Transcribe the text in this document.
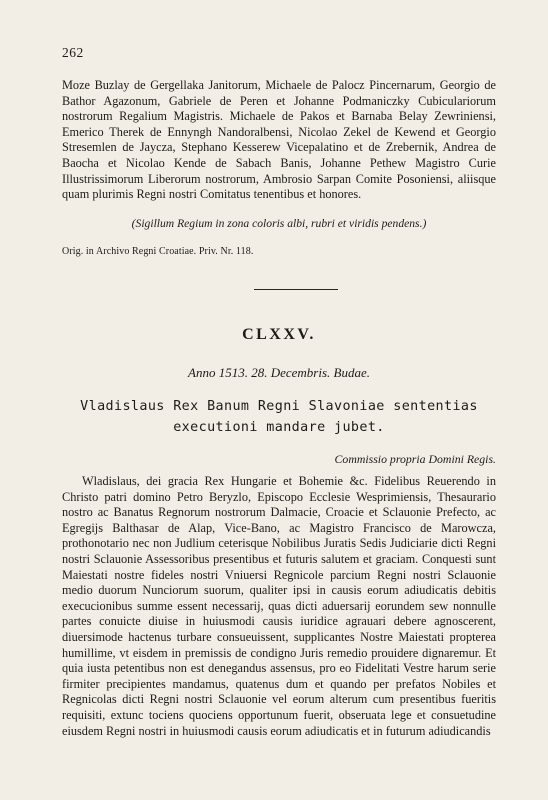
262

Moze Buzlay de Gergellaka Janitorum, Michaele de Palocz Pincernarum, Georgio de Bathor Agazonum, Gabriele de Peren et Johanne Podmaniczky Cubiculariorum nostrorum Regalium Magistris. Michaele de Pakos et Barnaba Belay Zewriniensi, Emerico Therek de Ennyngh Nandoralbensi, Nicolao Zekel de Kewend et Georgio Stresemlen de Jaycza, Stephano Kesserew Vicepalatino et de Zrebernik, Andrea de Baocha et Nicolao Kende de Sabach Banis, Johanne Pethew Magistro Curie Illustrissimorum Liberorum nostrorum, Ambrosio Sarpan Comite Posoniensi, aliisque quam plurimis Regni nostri Comitatus tenentibus et honores.

(Sigillum Regium in zona coloris albi, rubri et viridis pendens.)

Orig. in Archivo Regni Croatiae. Priv. Nr. 118.

CLXXV.

Anno 1513. 28. Decembris. Budae.

Vladislaus Rex Banum Regni Slavoniae sententias executioni mandare jubet.

Commissio propria Domini Regis.

Wladislaus, dei gracia Rex Hungarie et Bohemie &c. Fidelibus Reuerendo in Christo patri domino Petro Beryzlo, Episcopo Ecclesie Wesprimiensis, Thesaurario nostro ac Banatus Regnorum nostrorum Dalmacie, Croacie et Sclauonie Prefecto, ac Egregijs Balthasar de Alap, Vice-Bano, ac Magistro Francisco de Marowcza, prothonotario nec non Judlium ceterisque Nobilibus Juratis Sedis Judiciarie dicti Regni nostri Sclauonie Assessoribus presentibus et futuris salutem et graciam. Conquesti sunt Maiestati nostre fideles nostri Vniuersi Regnicole parcium Regni nostri Sclauonie medio duorum Nunciorum suorum, qualiter ipsi in causis eorum adiudicatis debitis execucionibus summe essent necessarij, quas dicti aduersarij eorundem sew nonnulle partes conuicte diuise in huiusmodi causis iuridice agrauari debere agnoscerent, diuersimode hactenus turbare consueuissent, supplicantes Nostre Maiestati propterea humillime, vt eisdem in premissis de condigno Juris remedio prouidere dignaremur. Et quia iusta petentibus non est denegandus assensus, pro eo Fidelitati Vestre harum serie firmiter precipientes mandamus, quatenus dum et quando per prefatos Nobiles et Regnicolas dicti Regni nostri Sclauonie vel eorum alterum cum presentibus fueritis requisiti, extunc tociens quociens opportunum fuerit, obseruata lege et consuetudine eiusdem Regni nostri in huiusmodi causis eorum adiudicatis et in futurum adiudicandis
